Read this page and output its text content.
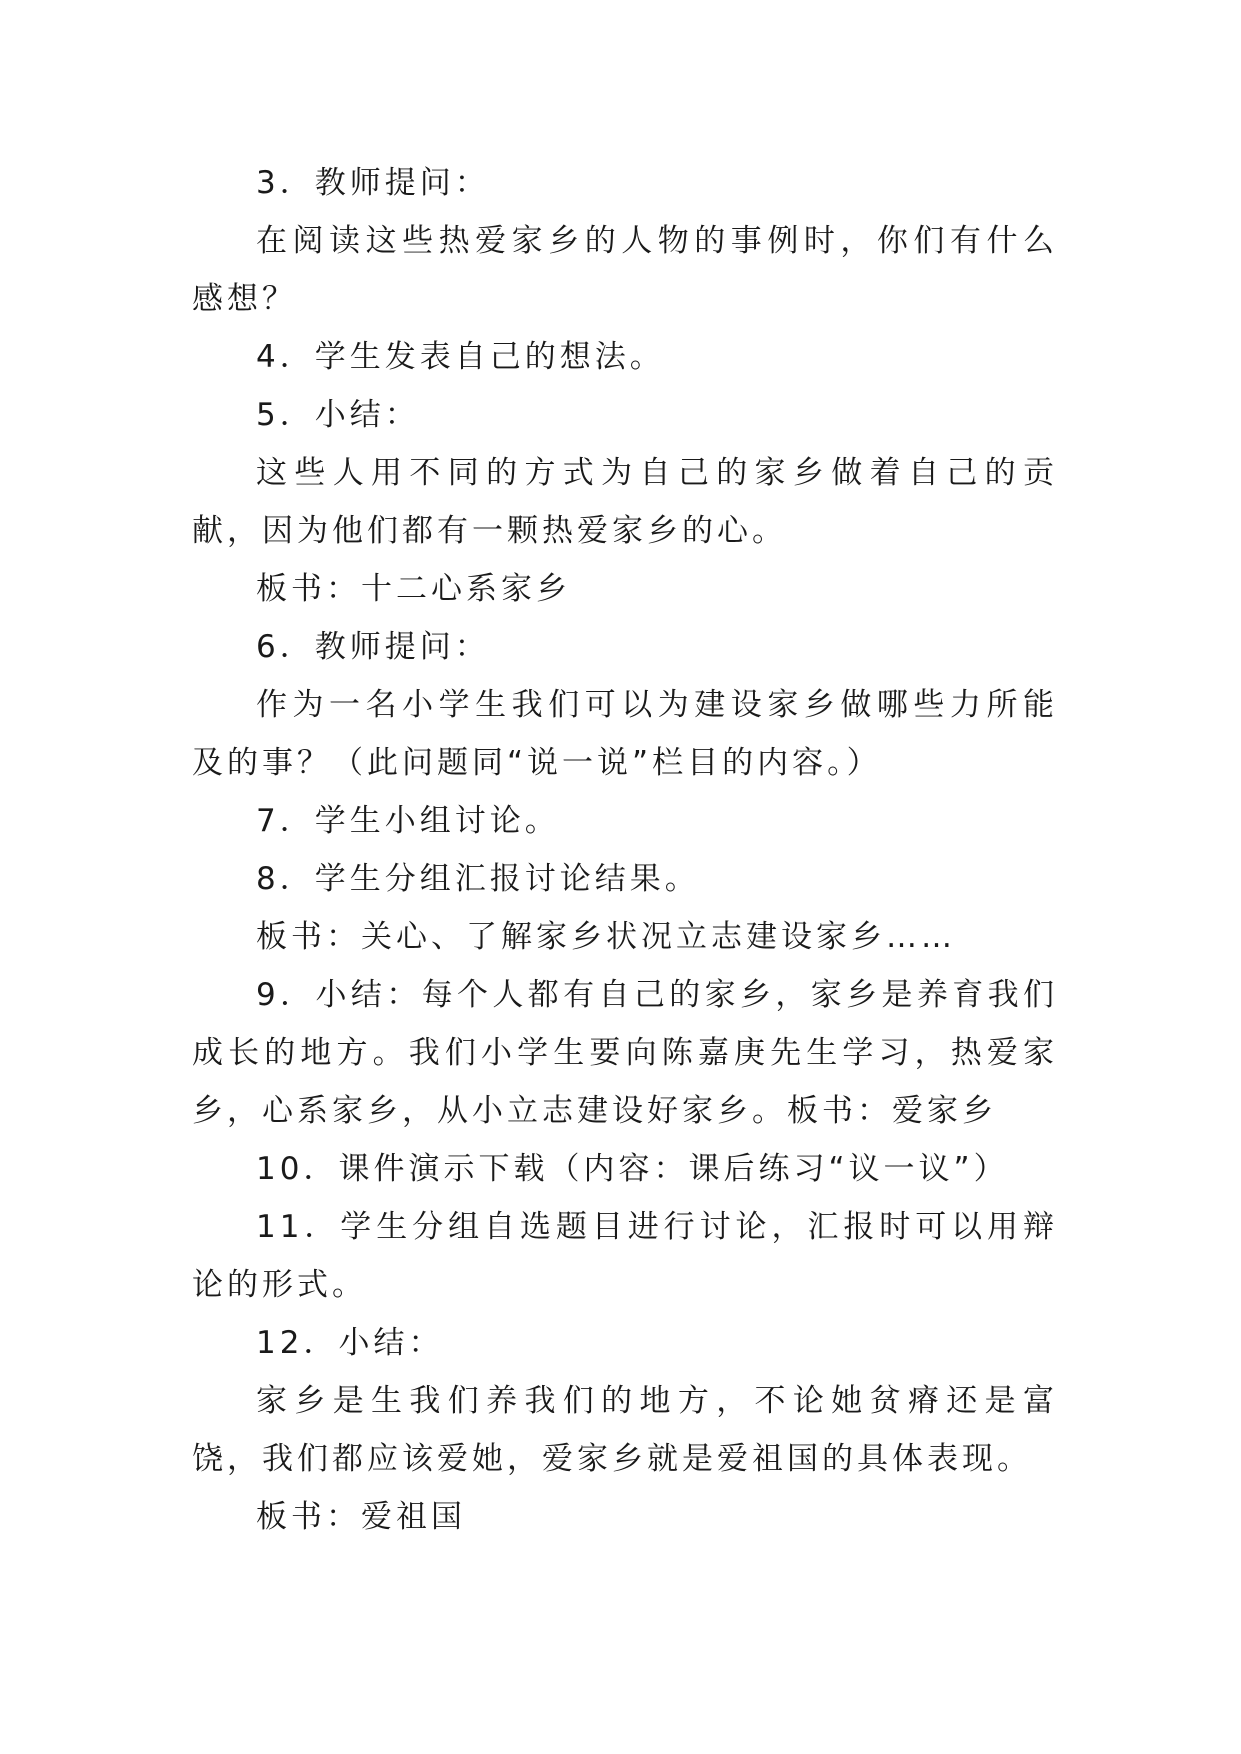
3．教师提问：

在阅读这些热爱家乡的人物的事例时，你们有什么感想？

4．学生发表自己的想法。

5．小结：

这些人用不同的方式为自己的家乡做着自己的贡献，因为他们都有一颗热爱家乡的心。

板书：十二心系家乡

6．教师提问：

作为一名小学生我们可以为建设家乡做哪些力所能及的事？（此问题同“说一说”栏目的内容。）

7．学生小组讨论。

8．学生分组汇报讨论结果。

板书：关心、了解家乡状况立志建设家乡……

9．小结：每个人都有自己的家乡，家乡是养育我们成长的地方。我们小学生要向陈嘉庚先生学习，热爱家乡，心系家乡，从小立志建设好家乡。板书：爱家乡

10．课件演示下载（内容：课后练习“议一议”）

11．学生分组自选题目进行讨论，汇报时可以用辩论的形式。

12．小结：

家乡是生我们养我们的地方，不论她贫瘠还是富饶，我们都应该爱她，爱家乡就是爱祖国的具体表现。

板书：爱祖国
